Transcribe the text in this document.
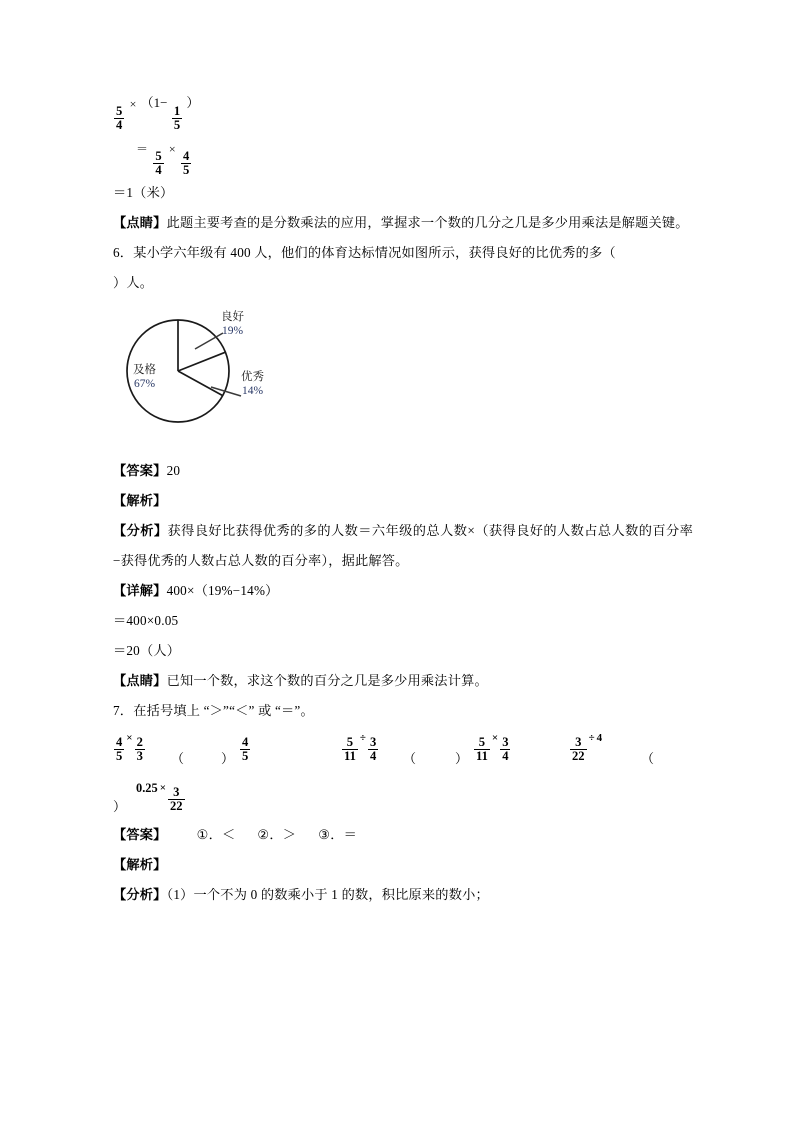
$\frac{5}{4}$
× （1−
$\frac{1}{5}$
）
＝
$\frac{5}{4}$
×
$\frac{4}{5}$
＝1（米）
【点睛】此题主要考查的是分数乘法的应用，掌握求一个数的几分之几是多少用乘法是解题关键。
6．某小学六年级有 400 人，他们的体育达标情况如图所示，获得良好的比优秀的多（
）人。
良好
19%
优秀
14%
及格
67%
【答案】20
【解析】
【分析】获得良好比获得优秀的多的人数＝六年级的总人数×（获得良好的人数占总人数的百分率−获得优秀的人数占总人数的百分率），据此解答。
【详解】400×（19%−14%）
＝400×0.05
＝20（人）
【点睛】已知一个数，求这个数的百分之几是多少用乘法计算。
7．在括号填上 “＞”“＜” 或 “＝”。
$\frac{4}{5} \times \frac{2}{3}$ （	） $\frac{4}{5}$	$\frac{5}{11} \div \frac{3}{4}$ （	） $\frac{5}{11} \times \frac{3}{4}$	$\frac{3}{22} \div 4$
（
）
$0.25 \times \frac{3}{22}$
【答案】 ①．＜ ②．＞ ③．＝
【解析】
【分析】（1）一个不为 0 的数乘小于 1 的数，积比原来的数小；
